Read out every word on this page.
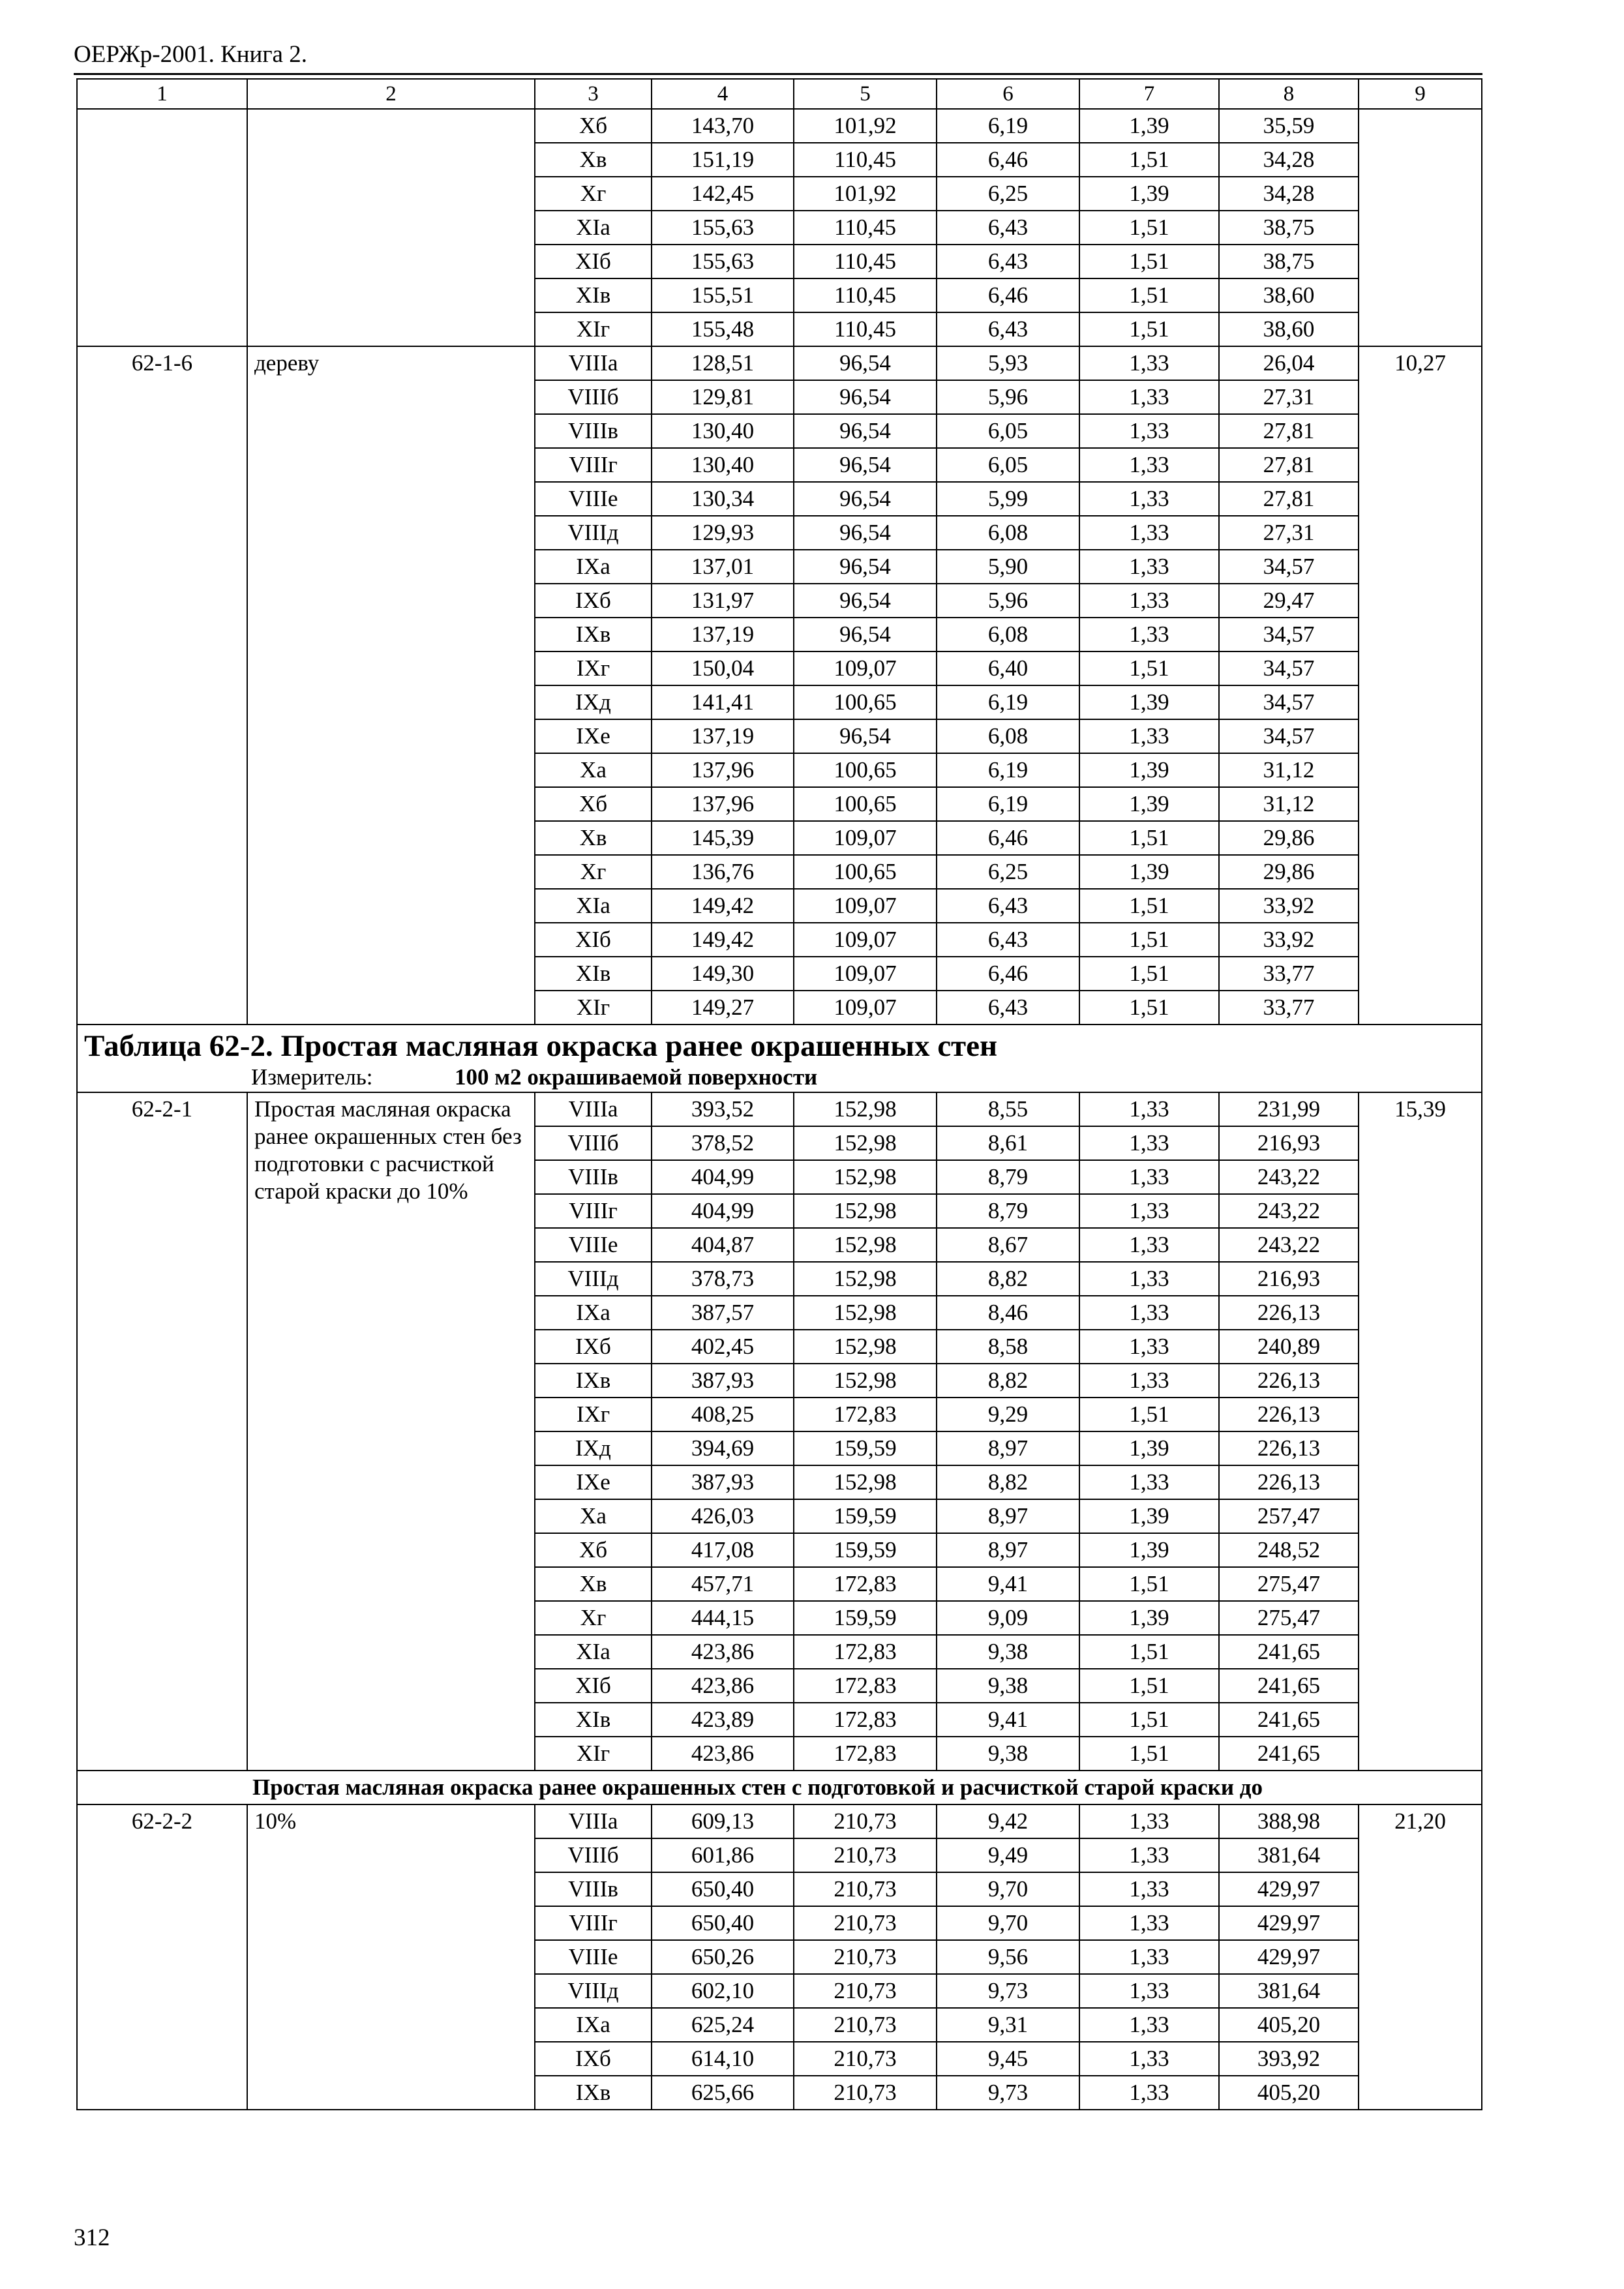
ОЕРЖр-2001. Книга 2.
1	2	3	4	5	6	7	8	9
		Xб	143,70	101,92	6,19	1,39	35,59	
		Xв	151,19	110,45	6,46	1,51	34,28	
		Xг	142,45	101,92	6,25	1,39	34,28	
		XIа	155,63	110,45	6,43	1,51	38,75	
		XIб	155,63	110,45	6,43	1,51	38,75	
		XIв	155,51	110,45	6,46	1,51	38,60	
		XIг	155,48	110,45	6,43	1,51	38,60	
62-1-6	дереву	VIIIа	128,51	96,54	5,93	1,33	26,04	10,27
		VIIIб	129,81	96,54	5,96	1,33	27,31	
		VIIIв	130,40	96,54	6,05	1,33	27,81	
		VIIIг	130,40	96,54	6,05	1,33	27,81	
		VIIIе	130,34	96,54	5,99	1,33	27,81	
		VIIIд	129,93	96,54	6,08	1,33	27,31	
		IXа	137,01	96,54	5,90	1,33	34,57	
		IXб	131,97	96,54	5,96	1,33	29,47	
		IXв	137,19	96,54	6,08	1,33	34,57	
		IXг	150,04	109,07	6,40	1,51	34,57	
		IXд	141,41	100,65	6,19	1,39	34,57	
		IXе	137,19	96,54	6,08	1,33	34,57	
		Xа	137,96	100,65	6,19	1,39	31,12	
		Xб	137,96	100,65	6,19	1,39	31,12	
		Xв	145,39	109,07	6,46	1,51	29,86	
		Xг	136,76	100,65	6,25	1,39	29,86	
		XIа	149,42	109,07	6,43	1,51	33,92	
		XIб	149,42	109,07	6,43	1,51	33,92	
		XIв	149,30	109,07	6,46	1,51	33,77	
		XIг	149,27	109,07	6,43	1,51	33,77	

Таблица 62-2. Простая масляная окраска ранее окрашенных стен
Измеритель: 100 м2 окрашиваемой поверхности								

62-2-1	Простая масляная окраска ранее окрашенных стен без подготовки с расчисткой старой краски до 10%	VIIIа	393,52	152,98	8,55	1,33	231,99	15,39
		VIIIб	378,52	152,98	8,61	1,33	216,93	
		VIIIв	404,99	152,98	8,79	1,33	243,22	
		VIIIг	404,99	152,98	8,79	1,33	243,22	
		VIIIе	404,87	152,98	8,67	1,33	243,22	
		VIIIд	378,73	152,98	8,82	1,33	216,93	
		IXа	387,57	152,98	8,46	1,33	226,13	
		IXб	402,45	152,98	8,58	1,33	240,89	
		IXв	387,93	152,98	8,82	1,33	226,13	
		IXг	408,25	172,83	9,29	1,51	226,13	
		IXд	394,69	159,59	8,97	1,39	226,13	
		IXе	387,93	152,98	8,82	1,33	226,13	
		Xа	426,03	159,59	8,97	1,39	257,47	
		Xб	417,08	159,59	8,97	1,39	248,52	
		Xв	457,71	172,83	9,41	1,51	275,47	
		Xг	444,15	159,59	9,09	1,39	275,47	
		XIа	423,86	172,83	9,38	1,51	241,65	
		XIб	423,86	172,83	9,38	1,51	241,65	
		XIв	423,89	172,83	9,41	1,51	241,65	
		XIг	423,86	172,83	9,38	1,51	241,65	
Простая масляная окраска ранее окрашенных стен с подготовкой и расчисткой старой краски до								
62-2-2	10%	VIIIа	609,13	210,73	9,42	1,33	388,98	21,20
		VIIIб	601,86	210,73	9,49	1,33	381,64	
		VIIIв	650,40	210,73	9,70	1,33	429,97	
		VIIIг	650,40	210,73	9,70	1,33	429,97	
		VIIIе	650,26	210,73	9,56	1,33	429,97	
		VIIIд	602,10	210,73	9,73	1,33	381,64	
		IXа	625,24	210,73	9,31	1,33	405,20	
		IXб	614,10	210,73	9,45	1,33	393,92	
		IXв	625,66	210,73	9,73	1,33	405,20	
312
